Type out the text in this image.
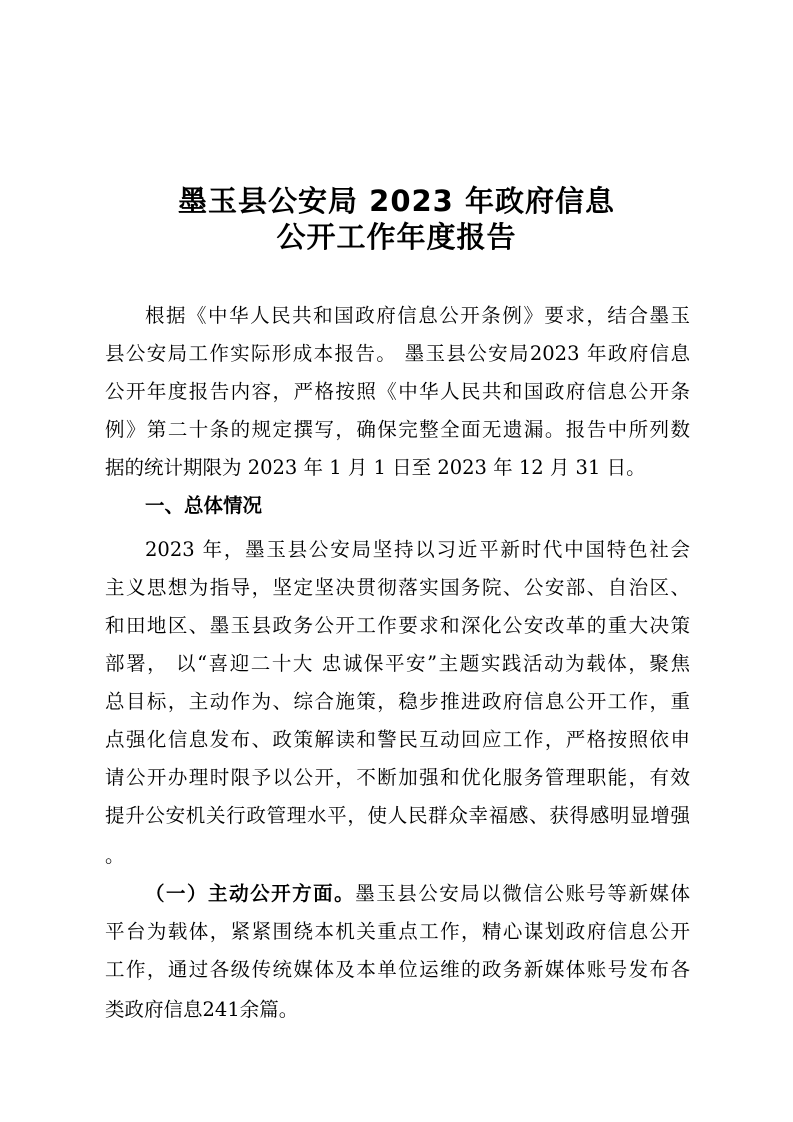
墨玉县公安局 2023 年政府信息
公开工作年度报告
根据《中华人民共和国政府信息公开条例》要求，结合墨玉
县公安局工作实际形成本报告。 墨玉县公安局2023 年政府信息
公开年度报告内容，严格按照《中华人民共和国政府信息公开条
例》第二十条的规定撰写，确保完整全面无遗漏。报告中所列数
据的统计期限为 2023 年 1 月 1 日至 2023 年 12 月 31 日。
一、总体情况
2023 年，墨玉县公安局坚持以习近平新时代中国特色社会
主义思想为指导，坚定坚决贯彻落实国务院、公安部、自治区、
和田地区、墨玉县政务公开工作要求和深化公安改革的重大决策
部署， 以“喜迎二十大 忠诚保平安”主题实践活动为载体，聚焦
总目标，主动作为、综合施策，稳步推进政府信息公开工作，重
点强化信息发布、政策解读和警民互动回应工作，严格按照依申
请公开办理时限予以公开，不断加强和优化服务管理职能，有效
提升公安机关行政管理水平，使人民群众幸福感、获得感明显增强
。
（一）主动公开方面。墨玉县公安局以微信公账号等新媒体
平台为载体，紧紧围绕本机关重点工作，精心谋划政府信息公开
工作，通过各级传统媒体及本单位运维的政务新媒体账号发布各
类政府信息241余篇。
